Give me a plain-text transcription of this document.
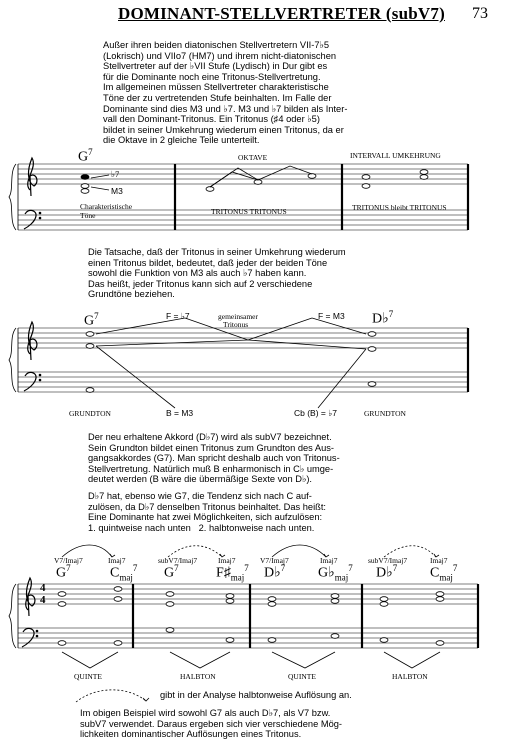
DOMINANT-STELLVERTRETER (subV7) 73
Außer ihren beiden diatonischen Stellvertretern VII-7♭5
(Lokrisch) und VIIo7 (HM7) und ihrem nicht-diatonischen
Stellvertreter auf der ♭VII Stufe (Lydisch) in Dur gibt es
für die Dominante noch eine Tritonus-Stellvertretung.
Im allgemeinen müssen Stellvertreter charakteristische
Töne der zu vertretenden Stufe beinhalten. Im Falle der
Dominante sind dies M3 und ♭7. M3 und ♭7 bilden als Inter-
vall den Dominant-Tritonus. Ein Tritonus (♯4 oder ♭5)
bildet in seiner Umkehrung wiederum einen Tritonus, da er
die Oktave in 2 gleiche Teile unterteilt.
4
4
$G^7$
♭7
M3
Charakteristische
Töne
OKTAVE
TRITONUS TRITONUS
INTERVALL UMKEHRUNG
TRITONUS bleibt TRITONUS
Die Tatsache, daß der Tritonus in seiner Umkehrung wiederum
einen Tritonus bildet, bedeutet, daß jeder der beiden Töne
sowohl die Funktion von M3 als auch ♭7 haben kann.
Das heißt, jeder Tritonus kann sich auf 2 verschiedene
Grundtöne beziehen.
$G^7$	F = ♭7	gemeinsamer
Tritonus
F = M3 D♭$^7$
GRUNDTON	B = M3	Cb (B) = ♭7	GRUNDTON
Der neu erhaltene Akkord (D♭7) wird als subV7 bezeichnet.
Sein Grundton bildet einen Tritonus zum Grundton des Aus-
gangsakkordes (G7). Man spricht deshalb auch von Tritonus-
Stellvertretung. Natürlich muß B enharmonisch in C♭ umge-
deutet werden (B wäre die übermäßige Sexte von D♭).
D♭7 hat, ebenso wie G7, die Tendenz sich nach C auf-
zulösen, da D♭7 denselben Tritonus beinhaltet. Das heißt:
Eine Dominante hat zwei Möglichkeiten, sich aufzulösen:
1. quintweise nach unten   2. halbtonweise nach unten.
V7/Imaj7
$G^7$
Imaj7
$C_{maj}^7$
subV7/Imaj7
$G^7$
Imaj7
$F♯_{maj}^7$
V7/Imaj7
D♭$^7$
Imaj7
$G♭_{maj}^7$
subV7/Imaj7
D♭$^7$
Imaj7
$C_{maj}^7$
QUINTE	HALBTON	QUINTE	HALBTON
gibt in der Analyse halbtonweise Auflösung an.
Im obigen Beispiel wird sowohl G7 als auch D♭7, als V7 bzw.
subV7 verwendet. Daraus ergeben sich vier verschiedene Mög-
lichkeiten dominantischer Auflösungen eines Tritonus.
